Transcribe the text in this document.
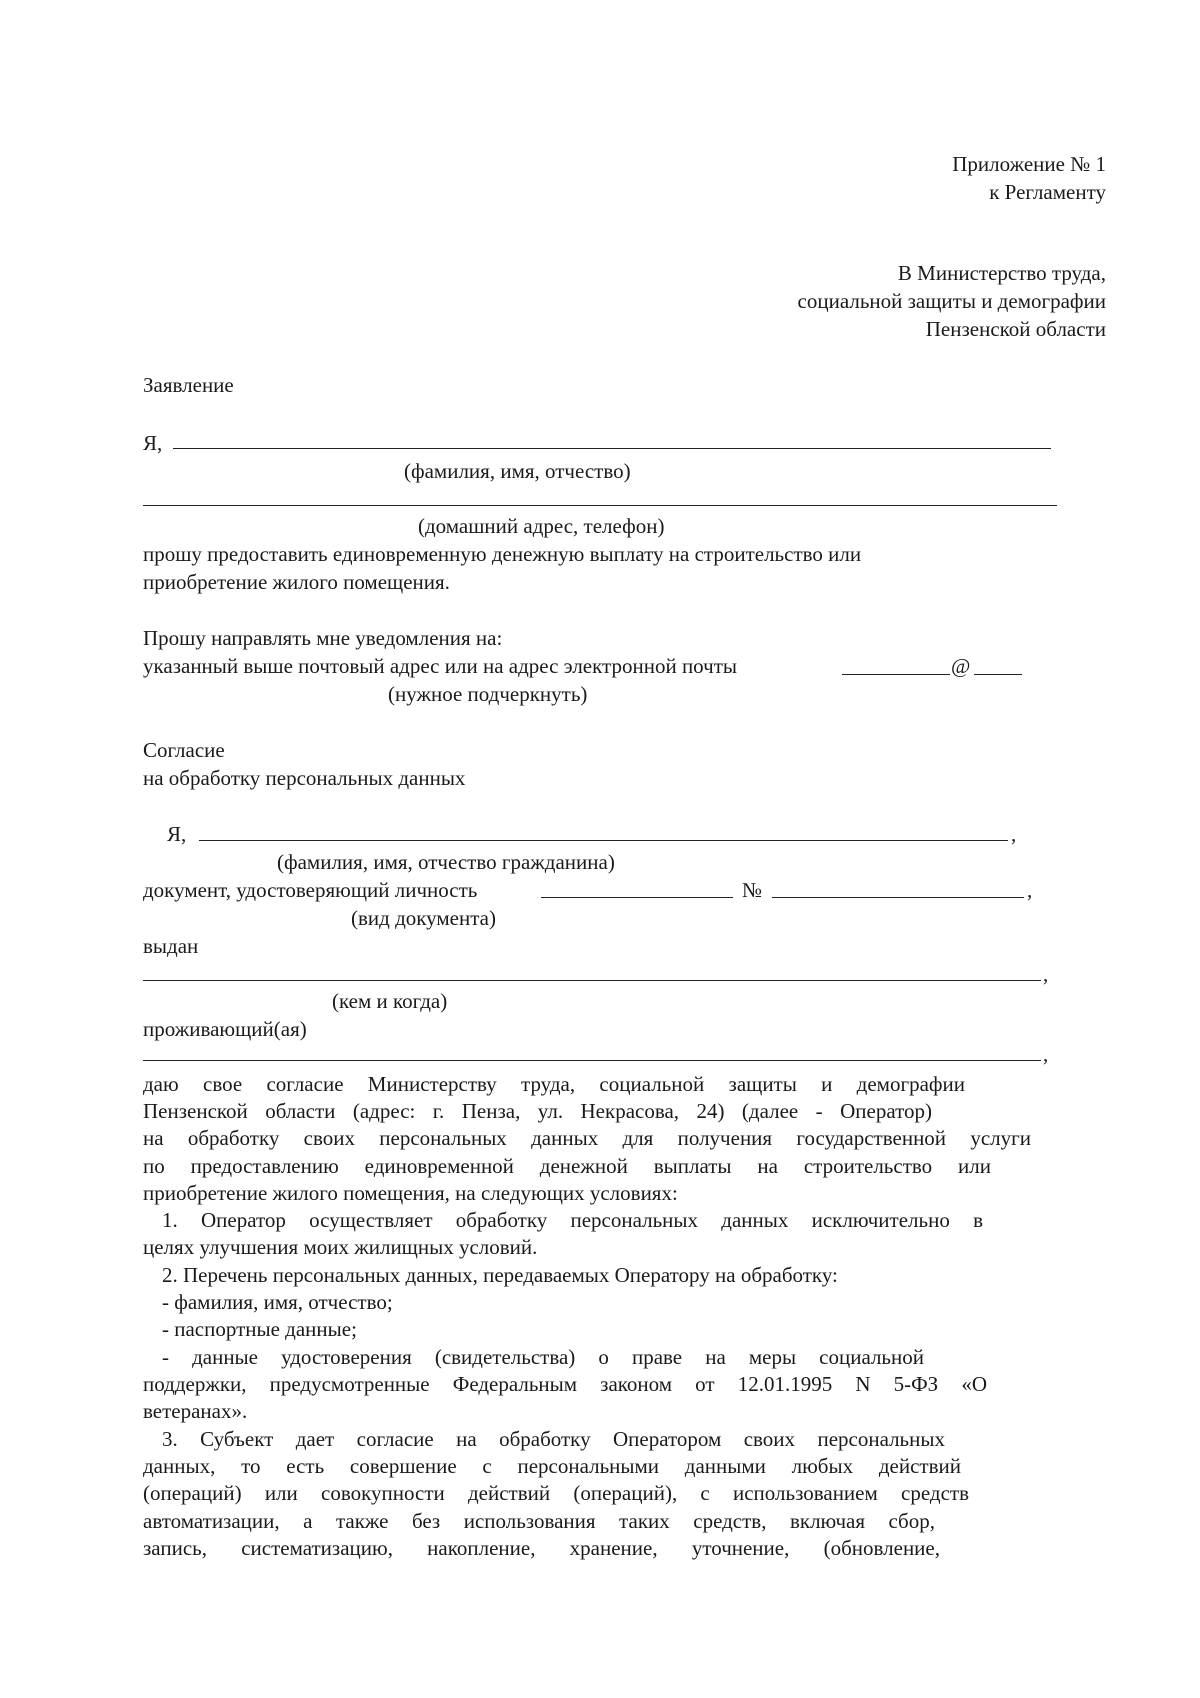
Приложение № 1
к Регламенту
В Министерство труда,
социальной защиты и демографии
Пензенской области
Заявление
Я,
(фамилия, имя, отчество)
(домашний адрес, телефон)
прошу предоставить единовременную денежную выплату на строительство или
приобретение жилого помещения.
Прошу направлять мне уведомления на:
указанный выше почтовый адрес или на адрес электронной почты	@
(нужное подчеркнуть)
Согласие
на обработку персональных данных
Я,	,
(фамилия, имя, отчество гражданина)
документ, удостоверяющий личность	№	,
(вид документа)
выдан
,
(кем и когда)
проживающий(ая)
,
даю свое согласие Министерству труда, социальной защиты и демографии
Пензенской области (адрес: г. Пенза, ул. Некрасова, 24) (далее - Оператор)
на обработку своих персональных данных для получения государственной услуги
по предоставлению единовременной денежной выплаты на строительство или
приобретение жилого помещения, на следующих условиях:
1. Оператор осуществляет обработку персональных данных исключительно в
целях улучшения моих жилищных условий.
2. Перечень персональных данных, передаваемых Оператору на обработку:
- фамилия, имя, отчество;
- паспортные данные;
- данные удостоверения (свидетельства) о праве на меры социальной
поддержки, предусмотренные Федеральным законом от 12.01.1995 N 5-ФЗ «О
ветеранах».
3. Субъект дает согласие на обработку Оператором своих персональных
данных, то есть совершение с персональными данными любых действий
(операций) или совокупности действий (операций), с использованием средств
автоматизации, а также без использования таких средств, включая сбор,
запись, систематизацию, накопление, хранение, уточнение, (обновление,
